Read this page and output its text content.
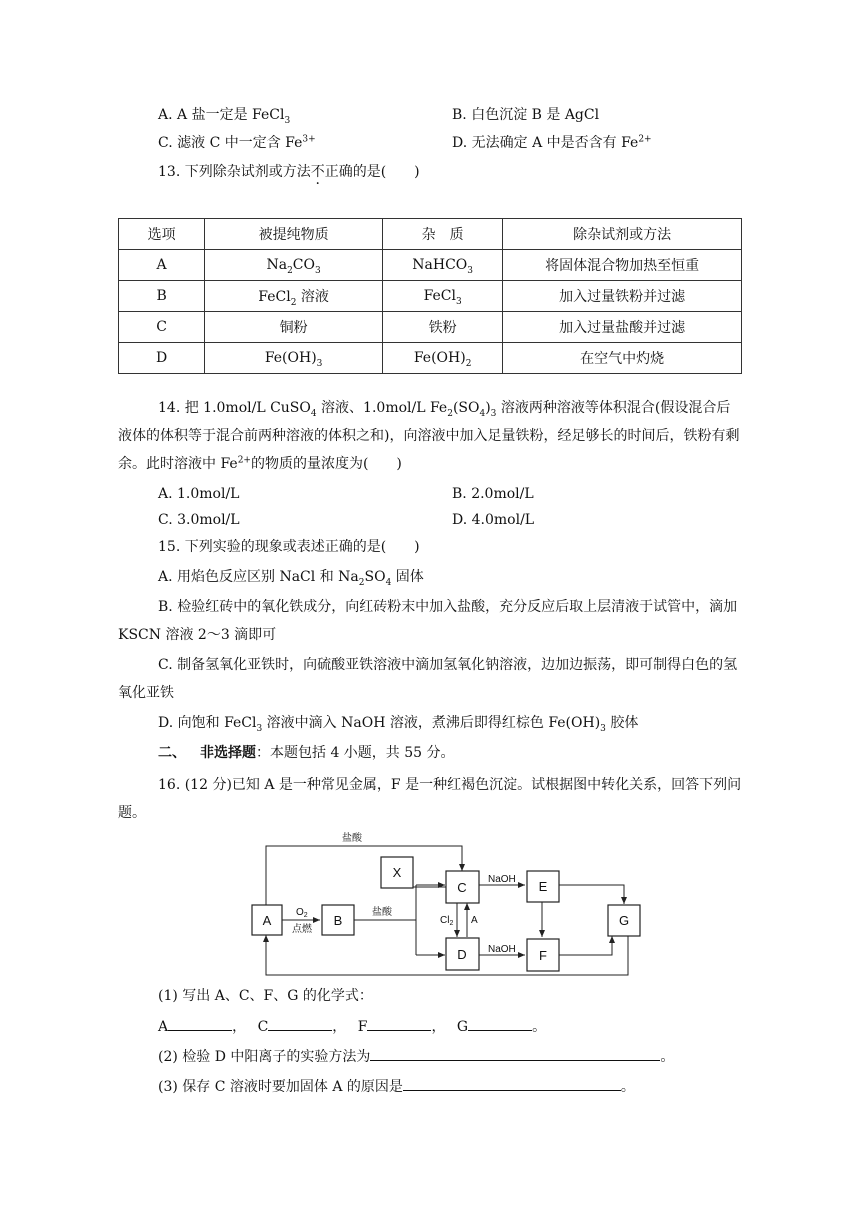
A. A 盐一定是 FeCl$_3$	B. 白色沉淀 B 是 AgCl
C. 滤液 C 中一定含 $Fe^{3+}$	D. 无法确定 A 中是否含有 $Fe^{2+}$
13. 下列除杂试剂或方法不正确的是(　　)
选项	被提纯物质	杂　质	除杂试剂或方法
A	$Na_2CO_3$	NaHCO$_3$	将固体混合物加热至恒重
B	FeCl$_2$ 溶液	FeCl$_3$	加入过量铁粉并过滤
C	铜粉	铁粉	加入过量盐酸并过滤
D	$Fe(OH)_3$	$Fe(OH)_2$	在空气中灼烧
14. 把 1.0mol/L CuSO$_4$ 溶液、1.0mol/L $Fe_2(SO_4)_3$ 溶液两种溶液等体积混合(假设混合后液体的体积等于混合前两种溶液的体积之和)，向溶液中加入足量铁粉，经足够长的时间后，铁粉有剩余。此时溶液中 $Fe^{2+}$的物质的量浓度为(　　)
A. 1.0mol/L	B. 2.0mol/L
C. 3.0mol/L	D. 4.0mol/L
15. 下列实验的现象或表述正确的是(　　)
A. 用焰色反应区别 NaCl 和 $Na_2SO_4$ 固体
B. 检验红砖中的氧化铁成分，向红砖粉末中加入盐酸，充分反应后取上层清液于试管中，滴加 KSCN 溶液 2～3 滴即可
C. 制备氢氧化亚铁时，向硫酸亚铁溶液中滴加氢氧化钠溶液，边加边振荡，即可制得白色的氢氧化亚铁
D. 向饱和 FeCl$_3$ 溶液中滴入 NaOH 溶液，煮沸后即得红棕色 $Fe(OH)_3$ 胶体
二、  非选择题：本题包括 4 小题，共 55 分。
16. (12 分)已知 A 是一种常见金属，F 是一种红褐色沉淀。试根据图中转化关系，回答下列问题。
A	B
X
C
D
E
F
G
盐酸
$O_2$
点燃
盐酸
NaOH
NaOH
$Cl_2$ A
(1) 写出 A、C、F、G 的化学式：
A	，  C	，  F	，  G	。
(2) 检验 D 中阳离子的实验方法为	。
(3) 保存 C 溶液时要加固体 A 的原因是	。
